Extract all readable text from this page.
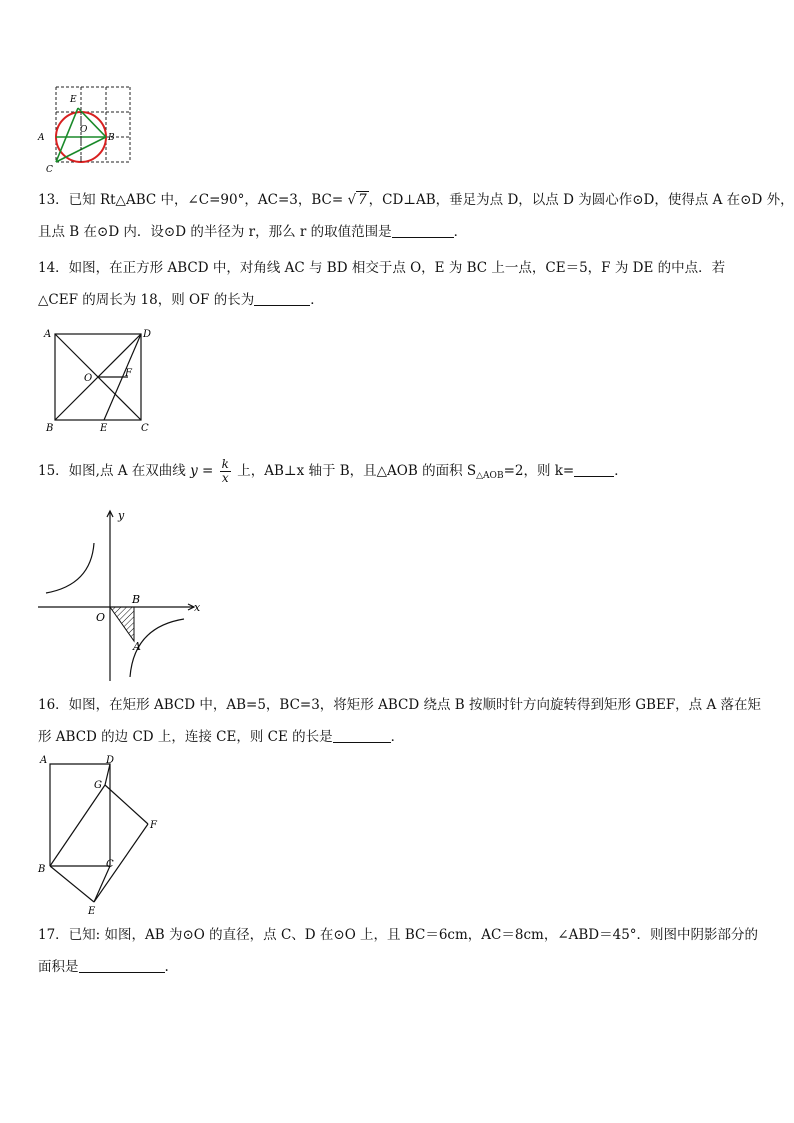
E
O
A	B
C
13．已知 Rt△ABC 中，∠C=90°，AC=3，BC= √ 7 ，CD⊥AB，垂足为点 D，以点 D 为圆心作⊙D，使得点 A 在⊙D 外，
且点 B 在⊙D 内．设⊙D 的半径为 r，那么 r 的取值范围是	．
14．如图，在正方形 ABCD 中，对角线 AC 与 BD 相交于点 O，E 为 BC 上一点，CE＝5，F 为 DE 的中点．若
△CEF 的周长为 18，则 OF 的长为	．
A	D
O	F
B	E	C
15．如图,点 A 在双曲线 $y = \frac{k}{x}$ 上，AB⊥x 轴于 B，且△AOB 的面积 $S_{\triangle AOB}=2$，则 k=	．
y
x
O
B
A
16．如图，在矩形 ABCD 中，AB=5，BC=3，将矩形 ABCD 绕点 B 按顺时针方向旋转得到矩形 GBEF，点 A 落在矩
形 ABCD 的边 CD 上，连接 CE，则 CE 的长是	．
A	D
G
F
B	C
E
17．已知: 如图，AB 为⊙O 的直径，点 C、D 在⊙O 上，且 BC＝6cm，AC＝8cm，∠ABD＝45°．则图中阴影部分的
面积是	.
